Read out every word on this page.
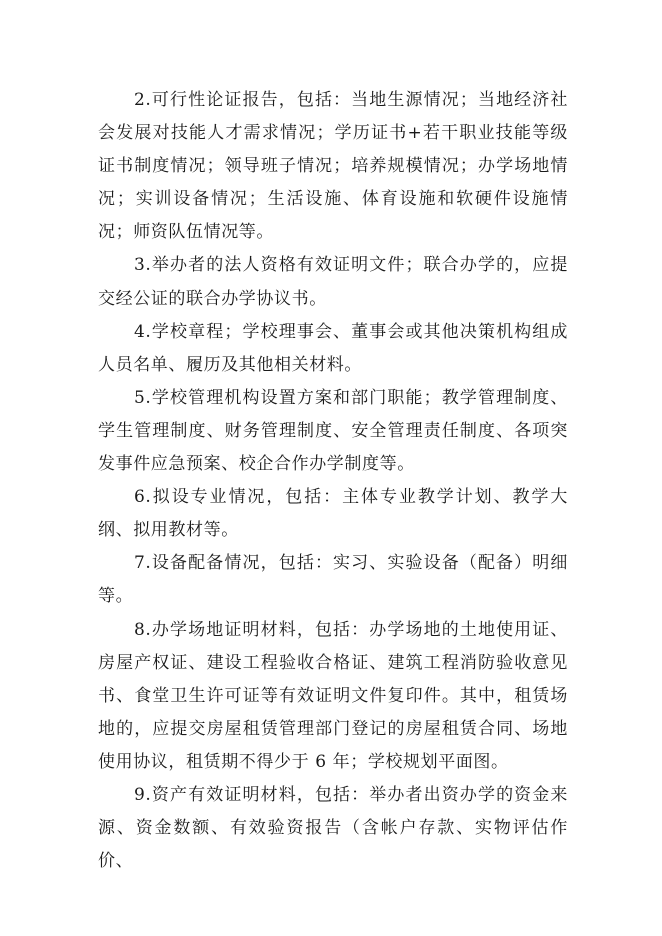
2.可行性论证报告，包括：当地生源情况；当地经济社会发展对技能人才需求情况；学历证书+若干职业技能等级证书制度情况；领导班子情况；培养规模情况；办学场地情况；实训设备情况；生活设施、体育设施和软硬件设施情况；师资队伍情况等。

3.举办者的法人资格有效证明文件；联合办学的，应提交经公证的联合办学协议书。

4.学校章程；学校理事会、董事会或其他决策机构组成人员名单、履历及其他相关材料。

5.学校管理机构设置方案和部门职能；教学管理制度、学生管理制度、财务管理制度、安全管理责任制度、各项突发事件应急预案、校企合作办学制度等。

6.拟设专业情况，包括：主体专业教学计划、教学大纲、拟用教材等。

7.设备配备情况，包括：实习、实验设备（配备）明细等。

8.办学场地证明材料，包括：办学场地的土地使用证、房屋产权证、建设工程验收合格证、建筑工程消防验收意见书、食堂卫生许可证等有效证明文件复印件。其中，租赁场地的，应提交房屋租赁管理部门登记的房屋租赁合同、场地使用协议，租赁期不得少于 6 年；学校规划平面图。

9.资产有效证明材料，包括：举办者出资办学的资金来源、资金数额、有效验资报告（含帐户存款、实物评估作价、
